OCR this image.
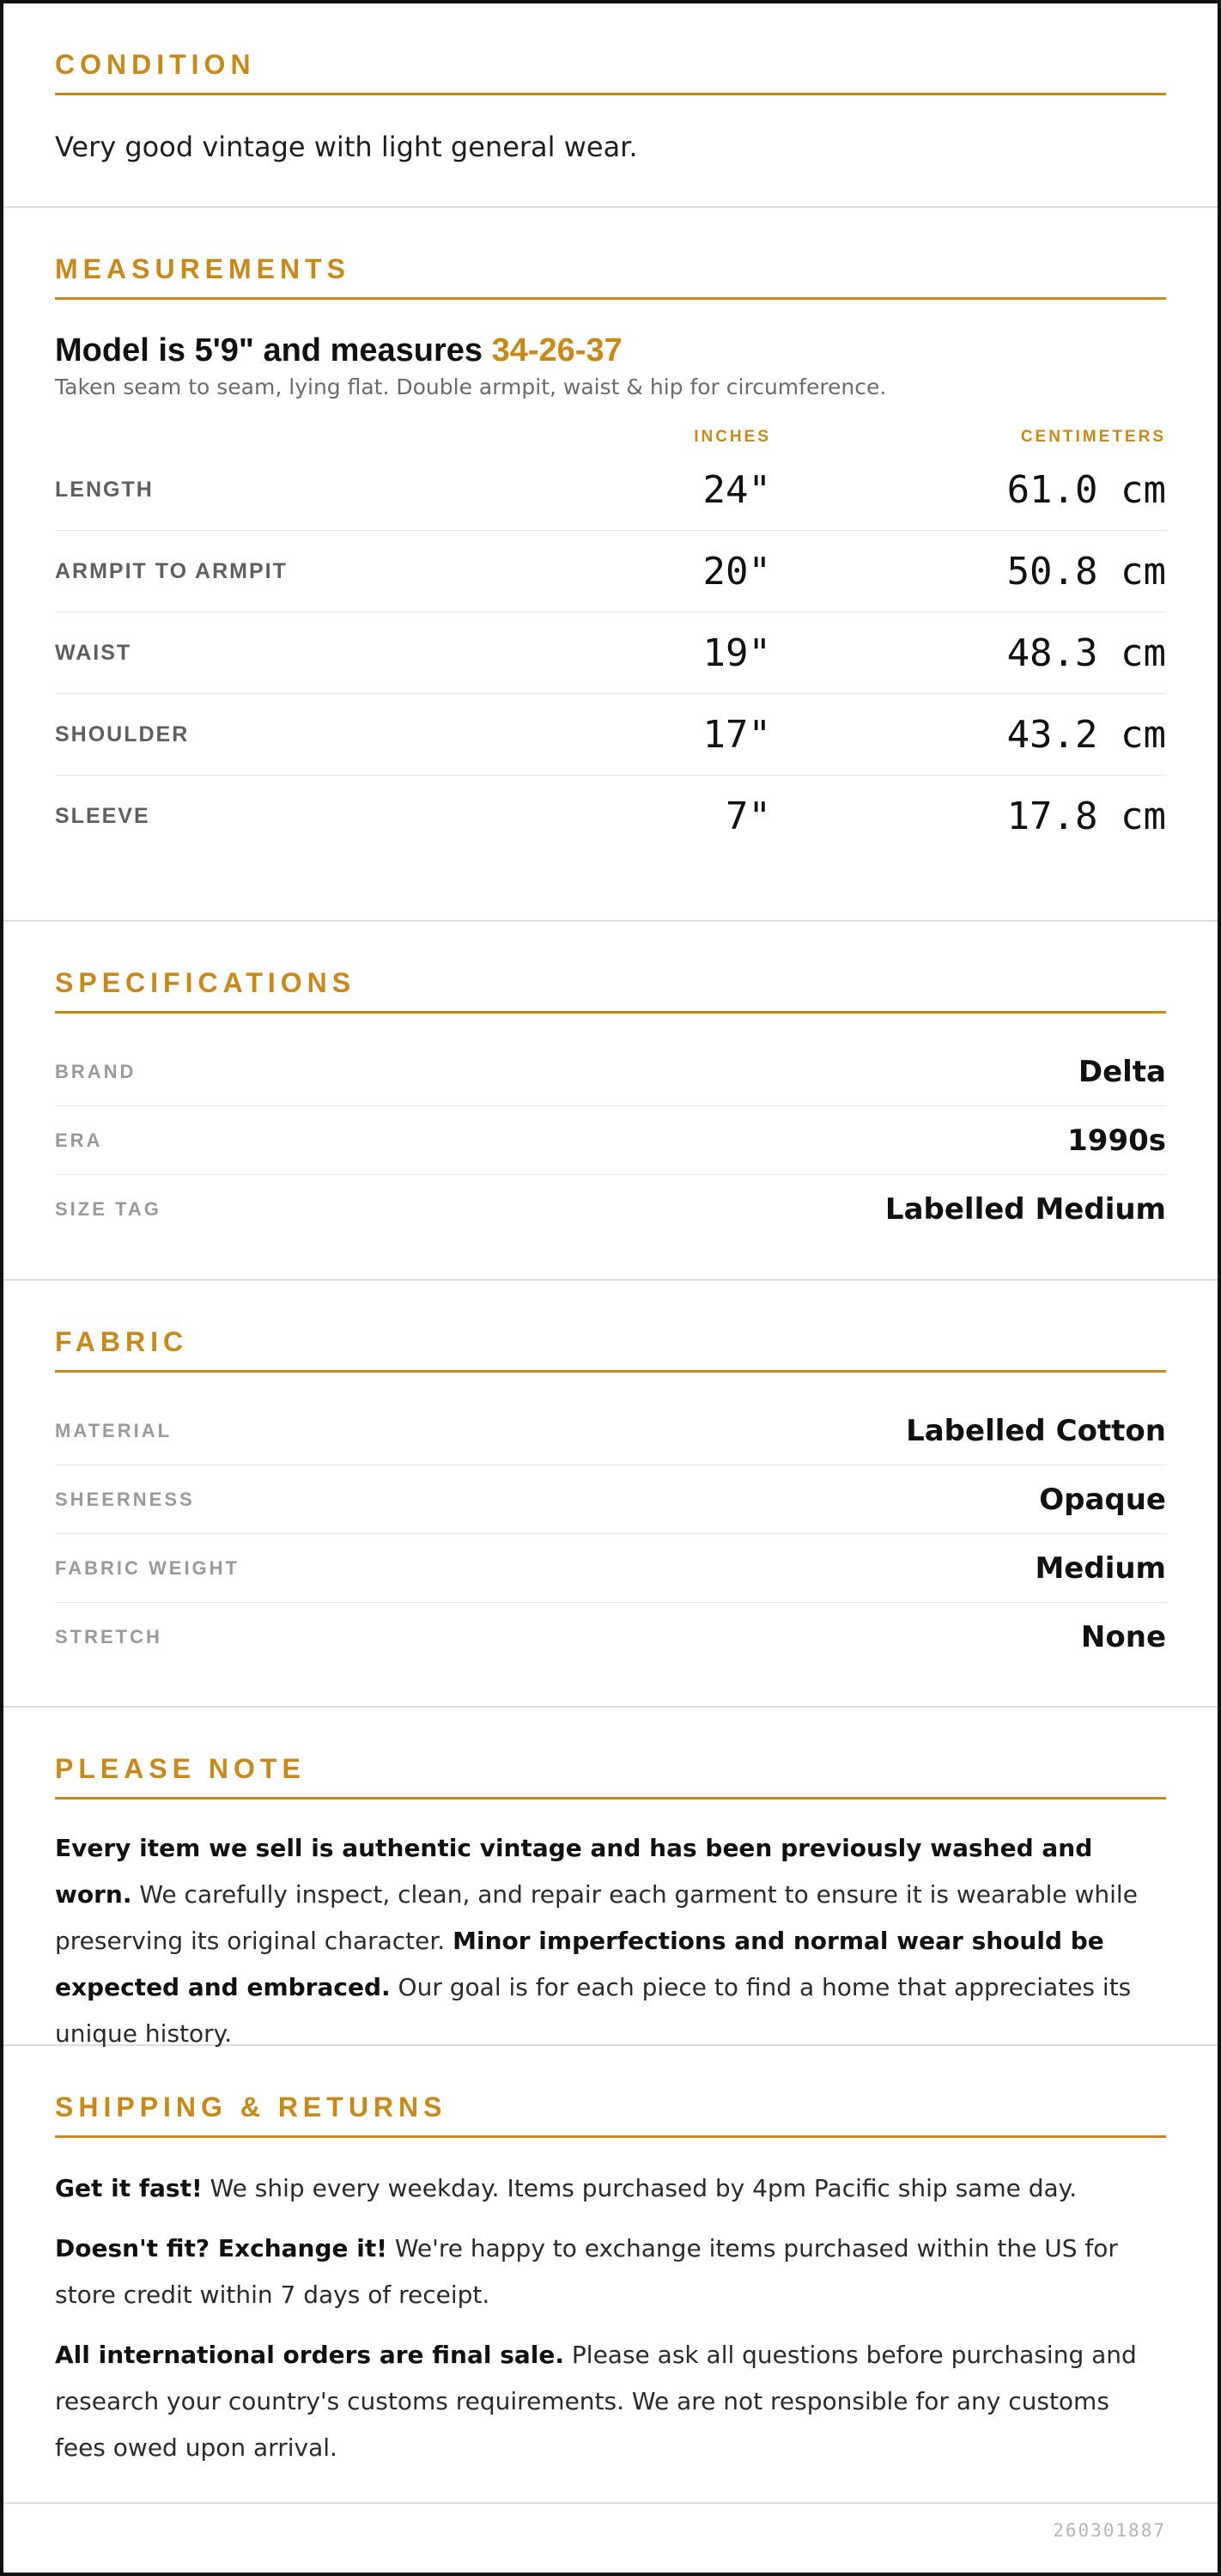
CONDITION
Very good vintage with light general wear.
MEASUREMENTS
Model is 5'9" and measures 34-26-37
Taken seam to seam, lying flat. Double armpit, waist & hip for circumference.
INCHES	CENTIMETERS
LENGTH	24"	61.0 cm
ARMPIT TO ARMPIT	20"	50.8 cm
WAIST	19"	48.3 cm
SHOULDER	17"	43.2 cm
SLEEVE	7"	17.8 cm
SPECIFICATIONS
BRAND	Delta
ERA	1990s
SIZE TAG	Labelled Medium
FABRIC
MATERIAL	Labelled Cotton
SHEERNESS	Opaque
FABRIC WEIGHT	Medium
STRETCH	None
PLEASE NOTE
Every item we sell is authentic vintage and has been previously washed and worn. We carefully inspect, clean, and repair each garment to ensure it is wearable while preserving its original character. Minor imperfections and normal wear should be expected and embraced. Our goal is for each piece to find a home that appreciates its unique history.
SHIPPING & RETURNS

Get it fast! We ship every weekday. Items purchased by 4pm Pacific ship same day.

Doesn't fit? Exchange it! We're happy to exchange items purchased within the US for store credit within 7 days of receipt.

All international orders are final sale. Please ask all questions before purchasing and research your country's customs requirements. We are not responsible for any customs fees owed upon arrival.

260301887
